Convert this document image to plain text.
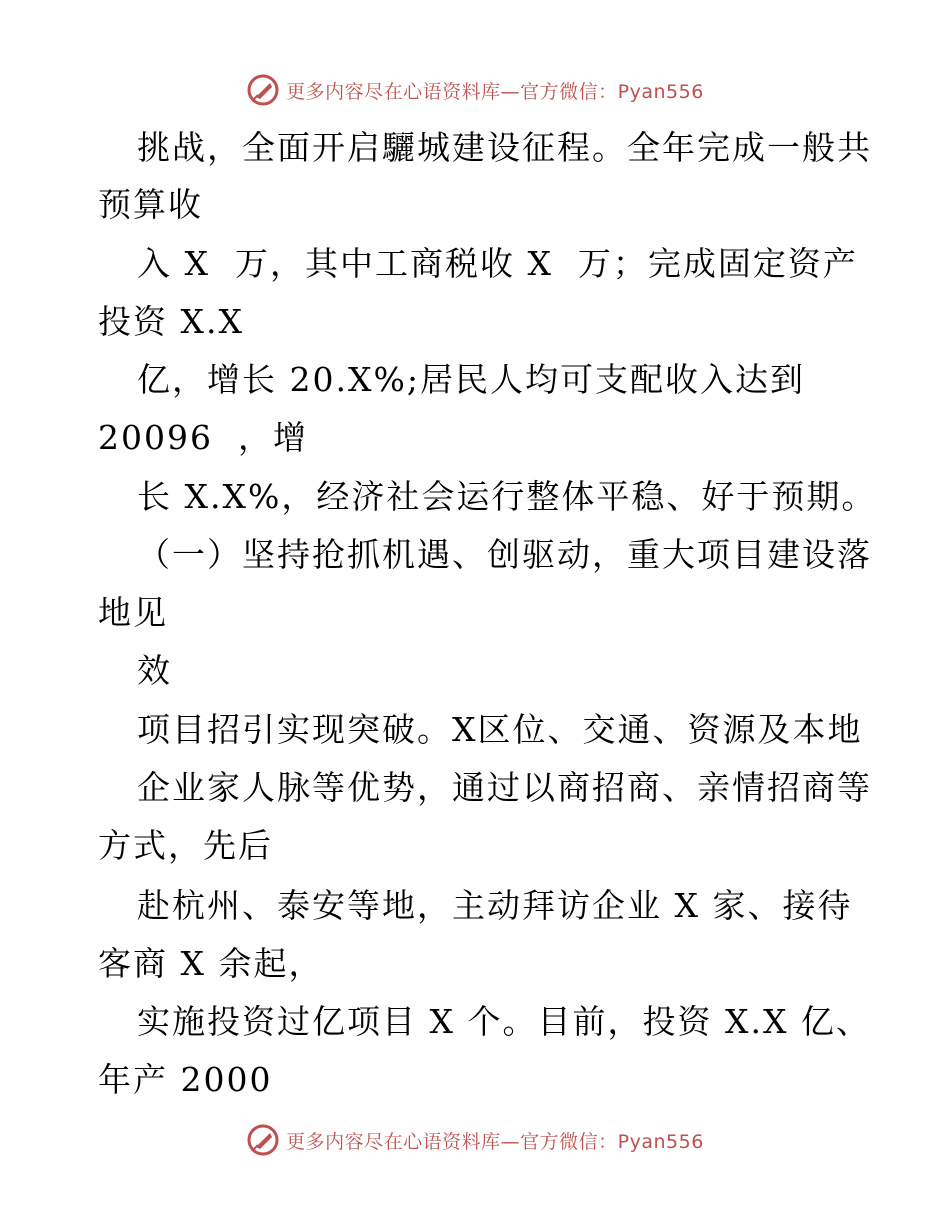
更多内容尽在心语资料库—官方微信：Pyan556
挑战，全面开启驪城建设征程。全年完成一般共
预算收
入 X  万，其中工商税收 X  万；完成固定资产
投资 X.X
亿，增长 20.X%;居民人均可支配收入达到
20096  ，增
长 X.X%，经济社会运行整体平稳、好于预期。
（一）坚持抢抓机遇、创驱动，重大项目建设落
地见
效
项目招引实现突破。X区位、交通、资源及本地
企业家人脉等优势，通过以商招商、亲情招商等
方式，先后
赴杭州、泰安等地，主动拜访企业 X 家、接待
客商 X 余起，
实施投资过亿项目 X 个。目前，投资 X.X 亿、
年产 2000
更多内容尽在心语资料库—官方微信：Pyan556
